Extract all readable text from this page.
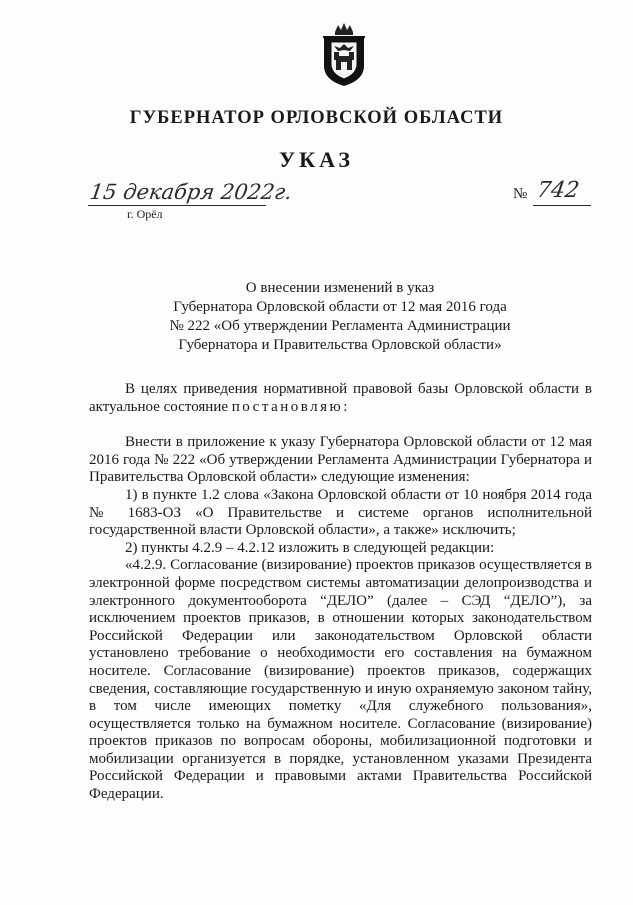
ГУБЕРНАТОР ОРЛОВСКОЙ ОБЛАСТИ
УКАЗ
15 декабря 2022г.
г. Орёл
№ 742
О внесении изменений в указ
Губернатора Орловской области от 12 мая 2016 года
№ 222 «Об утверждении Регламента Администрации
Губернатора и Правительства Орловской области»

В целях приведения нормативной правовой базы Орловской области в актуальное состояние постановляю:

Внести в приложение к указу Губернатора Орловской области от 12 мая 2016 года № 222 «Об утверждении Регламента Администрации Губернатора и Правительства Орловской области» следующие изменения:

1) в пункте 1.2 слова «Закона Орловской области от 10 ноября 2014 года № 1683-ОЗ «О Правительстве и системе органов исполнительной государственной власти Орловской области», а также» исключить;

2) пункты 4.2.9 – 4.2.12 изложить в следующей редакции:

«4.2.9. Согласование (визирование) проектов приказов осуществляется в электронной форме посредством системы автоматизации делопроизводства и электронного документооборота “ДЕЛО” (далее – СЭД “ДЕЛО”), за исключением проектов приказов, в отношении которых законодательством Российской Федерации или законодательством Орловской области установлено требование о необходимости его составления на бумажном носителе. Согласование (визирование) проектов приказов, содержащих сведения, составляющие государственную и иную охраняемую законом тайну, в том числе имеющих пометку «Для служебного пользования», осуществляется только на бумажном носителе. Согласование (визирование) проектов приказов по вопросам обороны, мобилизационной подготовки и мобилизации организуется в порядке, установленном указами Президента Российской Федерации и правовыми актами Правительства Российской Федерации.
